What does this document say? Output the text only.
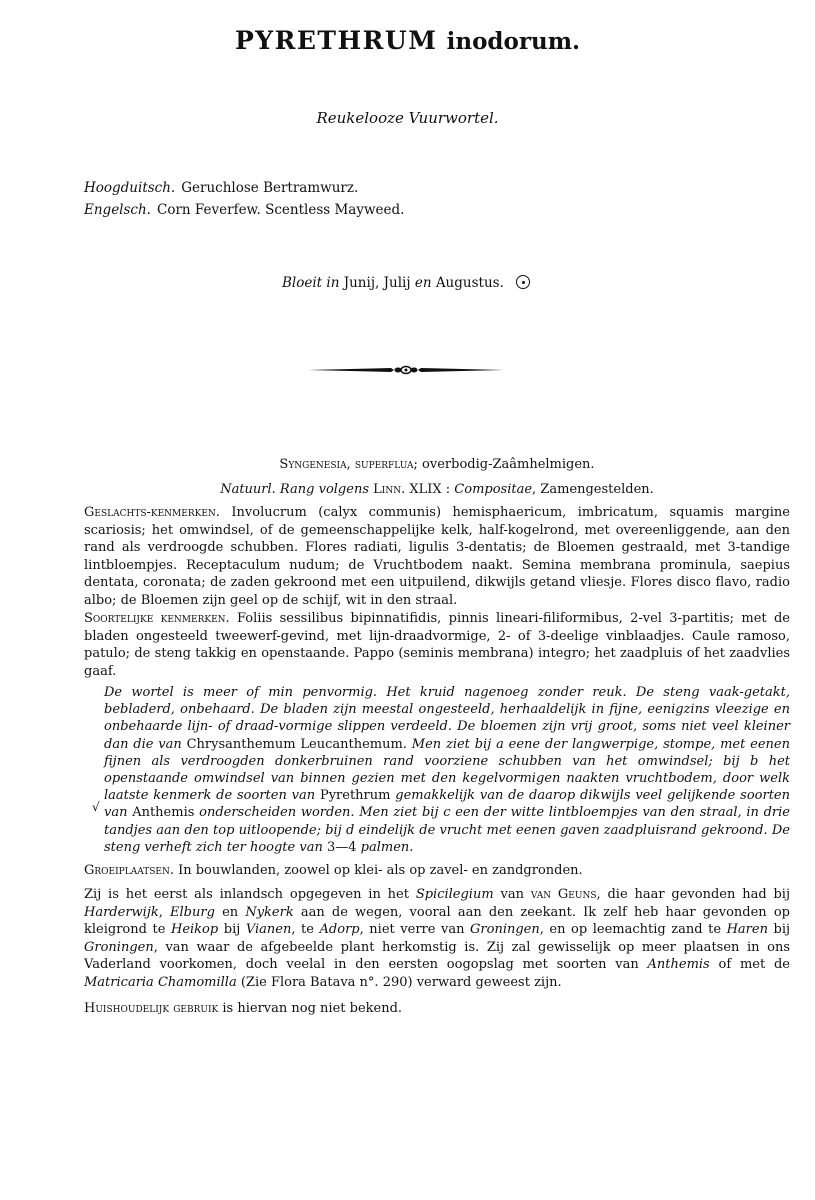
PYRETHRUM inodorum.
Reukelooze Vuurwortel.
Hoogduitsch. Geruchlose Bertramwurz.
Engelsch. Corn Feverfew. Scentless Mayweed.
Bloeit in Junij, Julij en Augustus.
Syngenesia, superflua; overbodig-Zaâmhelmigen.
Natuurl. Rang volgens Linn. XLIX : Compositae, Zamengestelden.
Geslachts-kenmerken. Involucrum (calyx communis) hemisphaericum, imbricatum, squamis margine scariosis; het omwindsel, of de gemeenschappelijke kelk, half-kogelrond, met overeenliggende, aan den rand als verdroogde schubben. Flores radiati, ligulis 3-dentatis; de Bloemen gestraald, met 3-tandige lintbloempjes. Receptaculum nudum; de Vruchtbodem naakt. Semina membrana prominula, saepius dentata, coronata; de zaden gekroond met een uitpuilend, dikwijls getand vliesje. Flores disco flavo, radio albo; de Bloemen zijn geel op de schijf, wit in den straal.
Soortelijke kenmerken. Foliis sessilibus bipinnatifidis, pinnis lineari-filiformibus, 2-vel 3-partitis; met de bladen ongesteeld tweewerf-gevind, met lijn-draadvormige, 2- of 3-deelige vinblaadjes. Caule ramoso, patulo; de steng takkig en openstaande. Pappo (seminis membrana) integro; het zaadpluis of het zaadvlies gaaf.
√
De wortel is meer of min penvormig. Het kruid nagenoeg zonder reuk. De steng vaak-getakt, bebladerd, onbehaard. De bladen zijn meestal ongesteeld, herhaaldelijk in fijne, eenigzins vleezige en onbehaarde lijn- of draad-vormige slippen verdeeld. De bloemen zijn vrij groot, soms niet veel kleiner dan die van Chrysanthemum Leucanthemum. Men ziet bij a eene der langwerpige, stompe, met eenen fijnen als verdroogden donkerbruinen rand voorziene schubben van het omwindsel; bij b het openstaande omwindsel van binnen gezien met den kegelvormigen naakten vruchtbodem, door welk laatste kenmerk de soorten van Pyrethrum gemakkelijk van de daarop dikwijls veel gelijkende soorten van Anthemis onderscheiden worden. Men ziet bij c een der witte lintbloempjes van den straal, in drie tandjes aan den top uitloopende; bij d eindelijk de vrucht met eenen gaven zaadpluisrand gekroond. De steng verheft zich ter hoogte van 3—4 palmen.
Groeiplaatsen. In bouwlanden, zoowel op klei- als op zavel- en zandgronden.
Zij is het eerst als inlandsch opgegeven in het Spicilegium van van Geuns, die haar gevonden had bij Harderwijk, Elburg en Nykerk aan de wegen, vooral aan den zeekant. Ik zelf heb haar gevonden op kleigrond te Heikop bij Vianen, te Adorp, niet verre van Groningen, en op leemachtig zand te Haren bij Groningen, van waar de afgebeelde plant herkomstig is. Zij zal gewisselijk op meer plaatsen in ons Vaderland voorkomen, doch veelal in den eersten oogopslag met soorten van Anthemis of met de Matricaria Chamomilla (Zie Flora Batava n°. 290) verward geweest zijn.
Huishoudelijk gebruik is hiervan nog niet bekend.
